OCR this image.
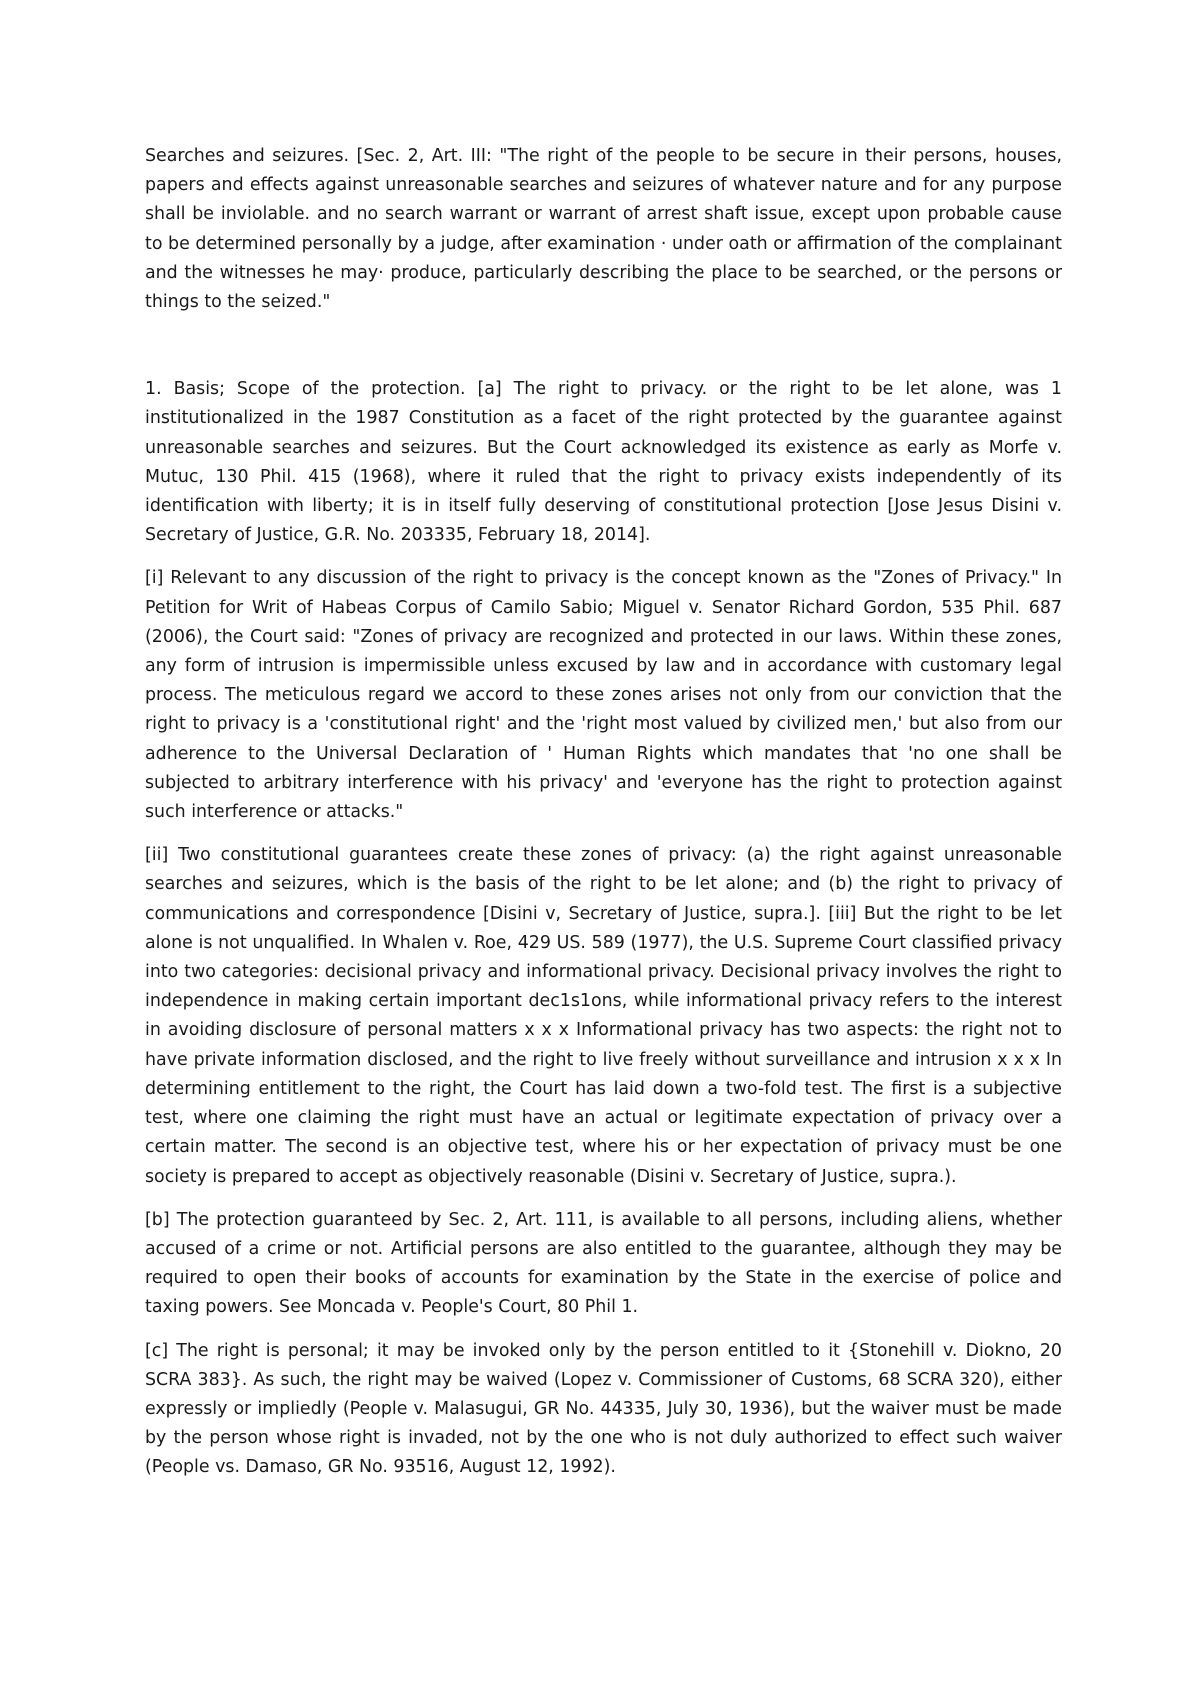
Searches and seizures. [Sec. 2, Art. III: "The right of the people to be secure in their persons, houses, papers and effects against unreasonable searches and seizures of whatever nature and for any purpose shall be inviolable. and no search warrant or warrant of arrest shaft issue, except upon probable cause to be determined personally by a judge, after examination · under oath or affirmation of the complainant and the witnesses he may· produce, particularly describing the place to be searched, or the persons or things to the seized."

1. Basis; Scope of the protection. [a] The right to privacy. or the right to be let alone, was 1 institutionalized in the 1987 Constitution as a facet of the right protected by the guarantee against unreasonable searches and seizures. But the Court acknowledged its existence as early as Morfe v. Mutuc, 130 Phil. 415 (1968), where it ruled that the right to privacy exists independently of its identification with liberty; it is in itself fully deserving of constitutional protection [Jose Jesus Disini v. Secretary of Justice, G.R. No. 203335, February 18, 2014].

[i] Relevant to any discussion of the right to privacy is the concept known as the "Zones of Privacy." In Petition for Writ of Habeas Corpus of Camilo Sabio; Miguel v. Senator Richard Gordon, 535 Phil. 687 (2006), the Court said: "Zones of privacy are recognized and protected in our laws. Within these zones, any form of intrusion is impermissible unless excused by law and in accordance with customary legal process. The meticulous regard we accord to these zones arises not only from our conviction that the right to privacy is a 'constitutional right' and the 'right most valued by civilized men,' but also from our adherence to the Universal Declaration of ' Human Rights which mandates that 'no one shall be subjected to arbitrary interference with his privacy' and 'everyone has the right to protection against such interference or attacks."

[ii] Two constitutional guarantees create these zones of privacy: (a) the right against unreasonable searches and seizures, which is the basis of the right to be let alone; and (b) the right to privacy of communications and correspondence [Disini v, Secretary of Justice, supra.]. [iii] But the right to be let alone is not unqualified. In Whalen v. Roe, 429 US. 589 (1977), the U.S. Supreme Court classified privacy into two categories: decisional privacy and informational privacy. Decisional privacy involves the right to independence in making certain important dec1s1ons, while informational privacy refers to the interest in avoiding disclosure of personal matters x x x Informational privacy has two aspects: the right not to have private information disclosed, and the right to live freely without surveillance and intrusion x x x In determining entitlement to the right, the Court has laid down a two-fold test. The first is a subjective test, where one claiming the right must have an actual or legitimate expectation of privacy over a certain matter. The second is an objective test, where his or her expectation of privacy must be one society is prepared to accept as objectively reasonable (Disini v. Secretary of Justice, supra.).

[b] The protection guaranteed by Sec. 2, Art. 111, is available to all persons, including aliens, whether accused of a crime or not. Artificial persons are also entitled to the guarantee, although they may be required to open their books of accounts for examination by the State in the exercise of police and taxing powers. See Moncada v. People's Court, 80 Phil 1.

[c] The right is personal; it may be invoked only by the person entitled to it {Stonehill v. Diokno, 20 SCRA 383}. As such, the right may be waived (Lopez v. Commissioner of Customs, 68 SCRA 320), either expressly or impliedly (People v. Malasugui, GR No. 44335, July 30, 1936), but the waiver must be made by the person whose right is invaded, not by the one who is not duly authorized to effect such waiver (People vs. Damaso, GR No. 93516, August 12, 1992).
